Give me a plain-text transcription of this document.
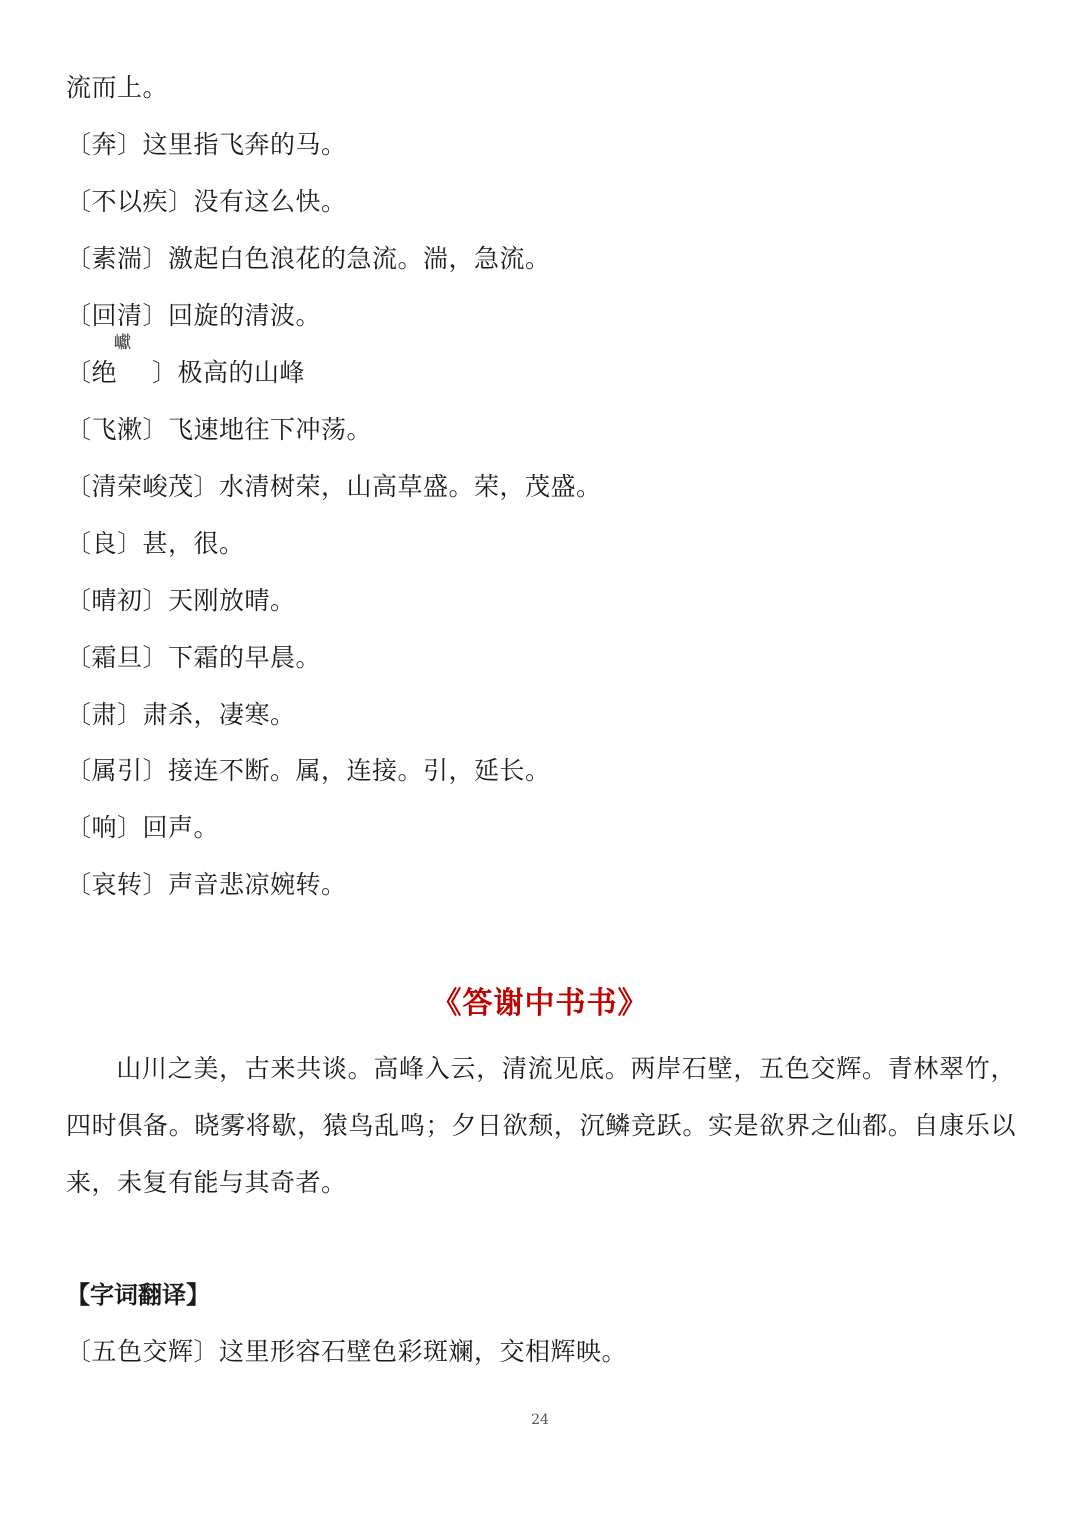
流而上。
〔奔〕这里指飞奔的马。
〔不以疾〕没有这么快。
〔素湍〕激起白色浪花的急流。湍，急流。
〔回清〕回旋的清波。
巘
〔绝 〕极高的山峰
〔飞漱〕飞速地往下冲荡。
〔清荣峻茂〕水清树荣，山高草盛。荣，茂盛。
〔良〕甚，很。
〔晴初〕天刚放晴。
〔霜旦〕下霜的早晨。
〔肃〕肃杀，凄寒。
〔属引〕接连不断。属，连接。引，延长。
〔响〕回声。
〔哀转〕声音悲凉婉转。
《答谢中书书》
山川之美，古来共谈。高峰入云，清流见底。两岸石壁，五色交辉。青林翠竹，四时俱备。晓雾将歇，猿鸟乱鸣；夕日欲颓，沉鳞竞跃。实是欲界之仙都。自康乐以来，未复有能与其奇者。
【字词翻译】
〔五色交辉〕这里形容石壁色彩斑斓，交相辉映。
24
